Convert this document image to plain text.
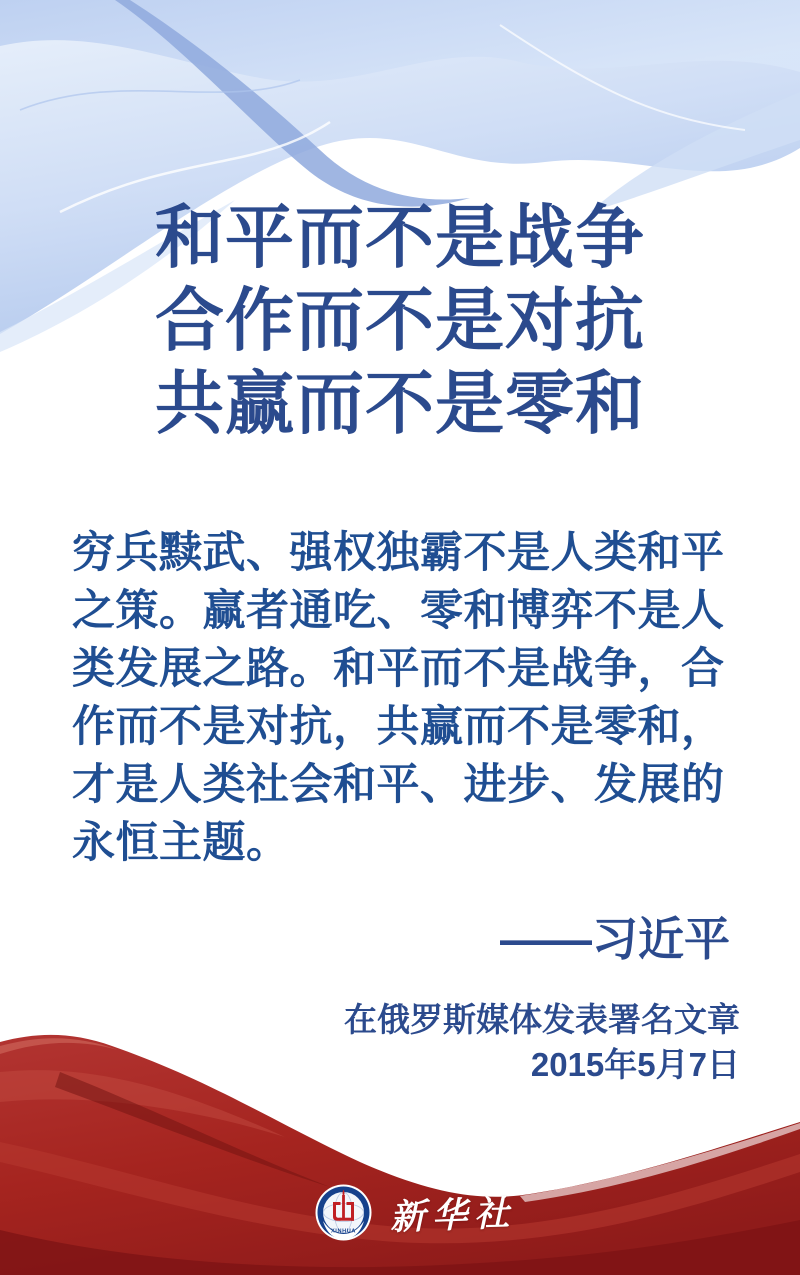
和平而不是战争
合作而不是对抗
共赢而不是零和
穷兵黩武、强权独霸不是人类和平
之策。赢者通吃、零和博弈不是人
类发展之路。和平而不是战争，合
作而不是对抗，共赢而不是零和，
才是人类社会和平、进步、发展的
永恒主题。
——习近平
在俄罗斯媒体发表署名文章
2015年5月7日
XINHUA 新华社
